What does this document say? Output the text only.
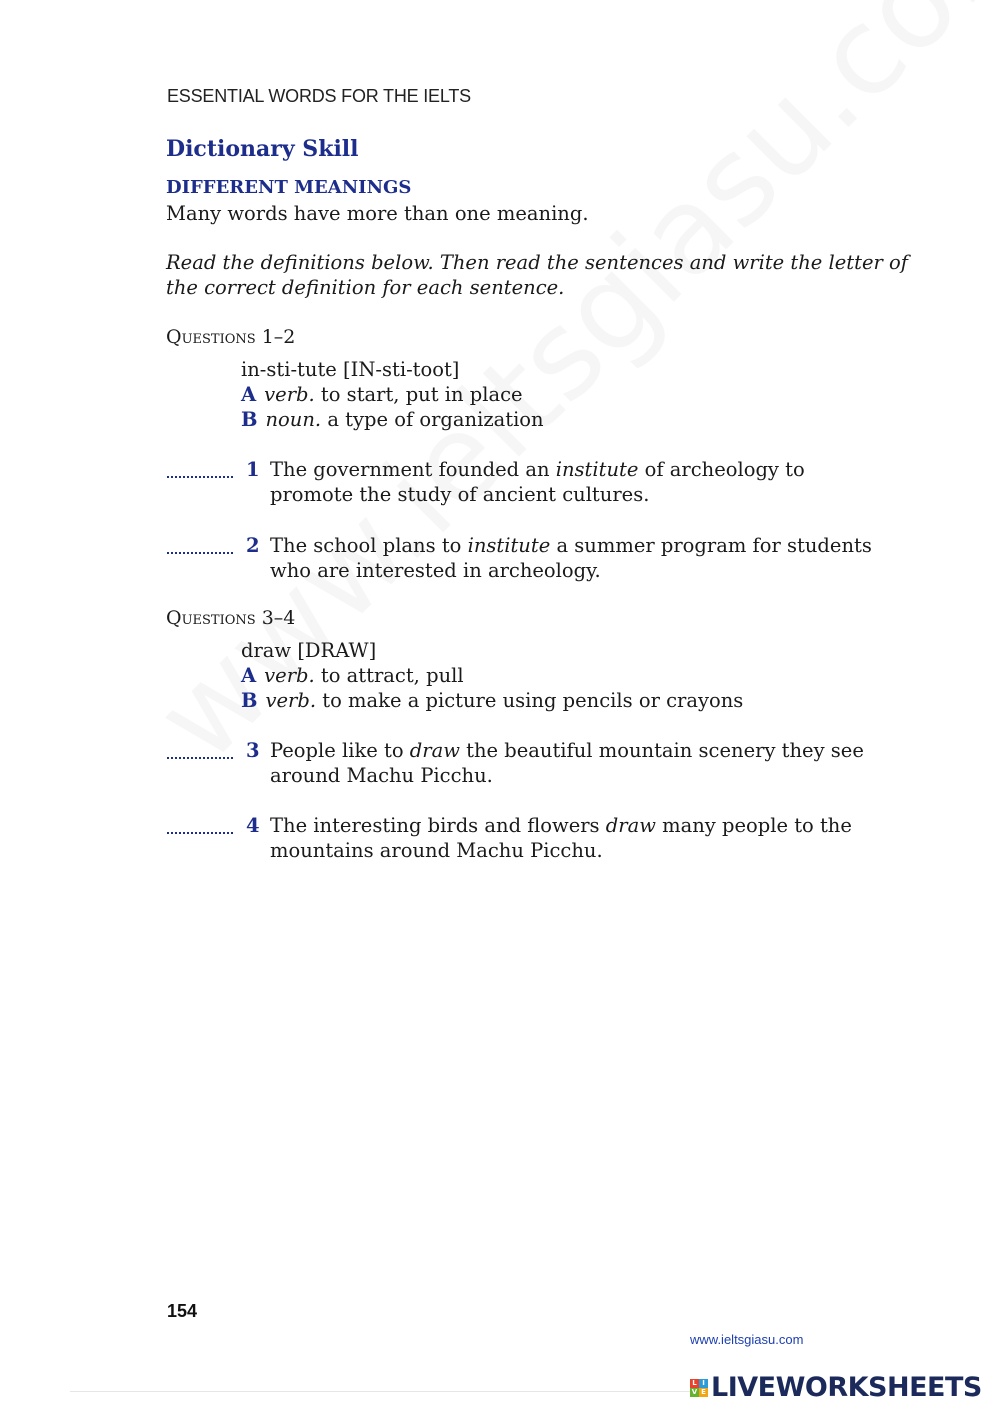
ESSENTIAL WORDS FOR THE IELTS
Dictionary Skill
DIFFERENT MEANINGS
Many words have more than one meaning.
Read the definitions below. Then read the sentences and write the letter of the correct definition for each sentence.
Questions 1–2
in-sti-tute [IN-sti-toot]
A verb. to start, put in place
B noun. a type of organization
1 The government founded an institute of archeology to
promote the study of ancient cultures.
2 The school plans to institute a summer program for students
who are interested in archeology.
Questions 3–4
draw [DRAW]
A verb. to attract, pull
B verb. to make a picture using pencils or crayons
3 People like to draw the beautiful mountain scenery they see
around Machu Picchu.
4 The interesting birds and flowers draw many people to the
mountains around Machu Picchu.
154
www.ieltsgiasu.com
L I
V E LIVEWORKSHEETS
